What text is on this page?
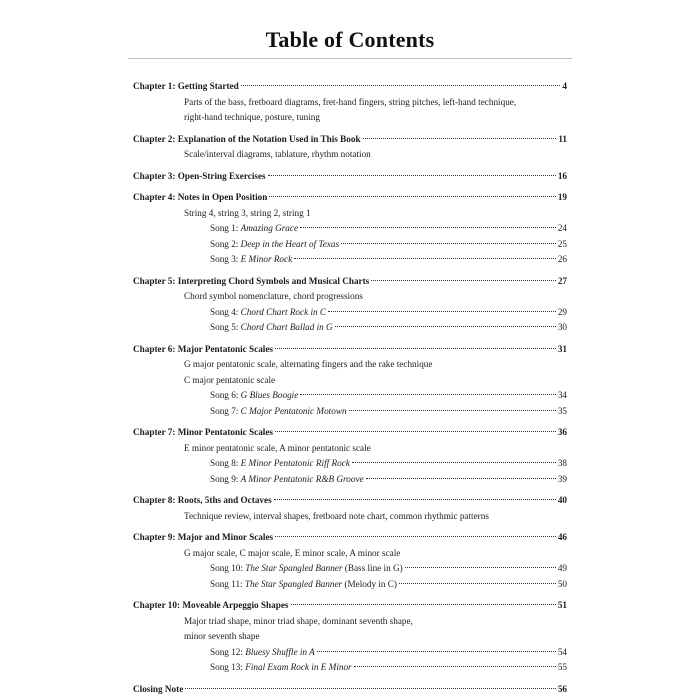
Table of Contents
Chapter 1: Getting Started	4
Parts of the bass, fretboard diagrams, fret-hand fingers, string pitches, left-hand technique,
right-hand technique, posture, tuning
Chapter 2: Explanation of the Notation Used in This Book	11
Scale/interval diagrams, tablature, rhythm notation
Chapter 3: Open-String Exercises	16
Chapter 4: Notes in Open Position	19
String 4, string 3, string 2, string 1
Song 1: Amazing Grace	24
Song 2: Deep in the Heart of Texas	25
Song 3: E Minor Rock	26
Chapter 5: Interpreting Chord Symbols and Musical Charts	27
Chord symbol nomenclature, chord progressions
Song 4: Chord Chart Rock in C	29
Song 5: Chord Chart Ballad in G	30
Chapter 6: Major Pentatonic Scales	31
G major pentatonic scale, alternating fingers and the rake technique
C major pentatonic scale
Song 6: G Blues Boogie	34
Song 7: C Major Pentatonic Motown	35
Chapter 7: Minor Pentatonic Scales	36
E minor pentatonic scale, A minor pentatonic scale
Song 8: E Minor Pentatonic Riff Rock	38
Song 9: A Minor Pentatonic R&B Groove	39
Chapter 8: Roots, 5ths and Octaves	40
Technique review, interval shapes, fretboard note chart, common rhythmic patterns
Chapter 9: Major and Minor Scales	46
G major scale, C major scale, E minor scale, A minor scale
Song 10: The Star Spangled Banner (Bass line in G)	49
Song 11: The Star Spangled Banner (Melody in C)	50
Chapter 10: Moveable Arpeggio Shapes	51
Major triad shape, minor triad shape, dominant seventh shape,
minor seventh shape
Song 12: Bluesy Shuffle in A	54
Song 13: Final Exam Rock in E Minor	55
Closing Note	56
